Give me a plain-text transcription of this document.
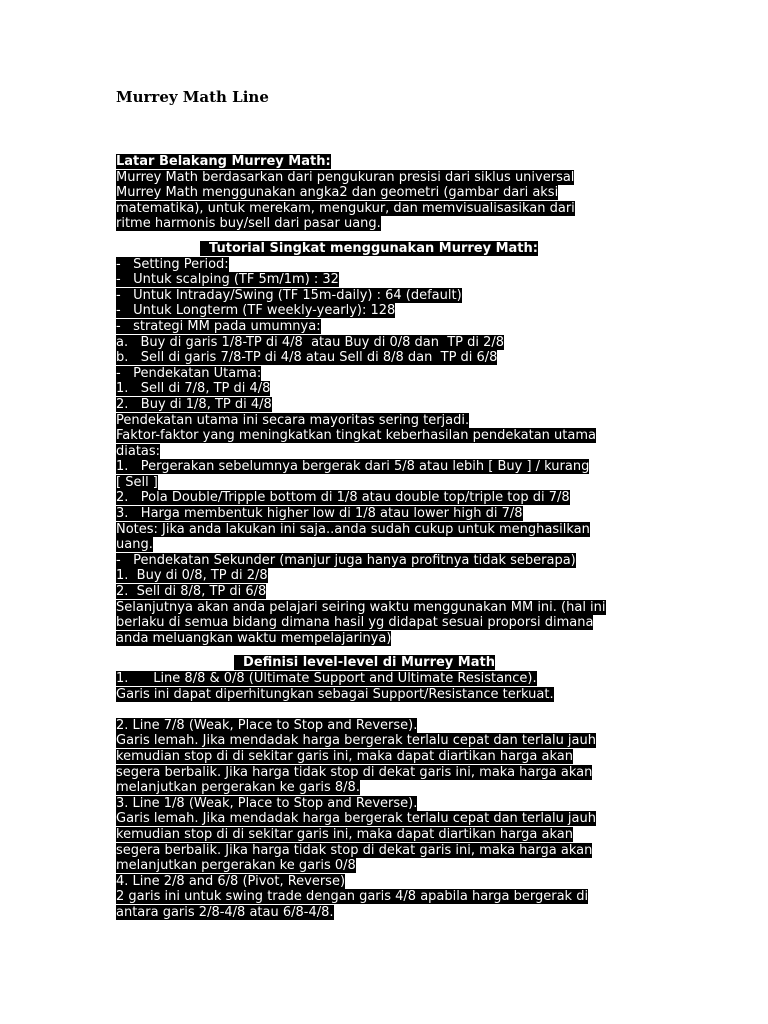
Murrey Math Line
Latar Belakang Murrey Math:
Murrey Math berdasarkan dari pengukuran presisi dari siklus universal
Murrey Math menggunakan angka2 dan geometri (gambar dari aksi
matematika), untuk merekam, mengukur, dan memvisualisasikan dari
ritme harmonis buy/sell dari pasar uang.
Tutorial Singkat menggunakan Murrey Math:
-   Setting Period:
-   Untuk scalping (TF 5m/1m) : 32
-   Untuk Intraday/Swing (TF 15m-daily) : 64 (default)
-   Untuk Longterm (TF weekly-yearly): 128
-   strategi MM pada umumnya:
a.   Buy di garis 1/8-TP di 4/8  atau Buy di 0/8 dan  TP di 2/8
b.   Sell di garis 7/8-TP di 4/8 atau Sell di 8/8 dan  TP di 6/8
-   Pendekatan Utama:
1.   Sell di 7/8, TP di 4/8
2.   Buy di 1/8, TP di 4/8
Pendekatan utama ini secara mayoritas sering terjadi.
Faktor-faktor yang meningkatkan tingkat keberhasilan pendekatan utama
diatas:
1.   Pergerakan sebelumnya bergerak dari 5/8 atau lebih [ Buy ] / kurang
[ Sell ]
2.   Pola Double/Tripple bottom di 1/8 atau double top/triple top di 7/8
3.   Harga membentuk higher low di 1/8 atau lower high di 7/8
Notes: Jika anda lakukan ini saja..anda sudah cukup untuk menghasilkan
uang.
-   Pendekatan Sekunder (manjur juga hanya profitnya tidak seberapa)
1.  Buy di 0/8, TP di 2/8
2.  Sell di 8/8, TP di 6/8
Selanjutnya akan anda pelajari seiring waktu menggunakan MM ini. (hal ini
berlaku di semua bidang dimana hasil yg didapat sesuai proporsi dimana
anda meluangkan waktu mempelajarinya)
Definisi level-level di Murrey Math
1.      Line 8/8 & 0/8 (Ultimate Support and Ultimate Resistance).
Garis ini dapat diperhitungkan sebagai Support/Resistance terkuat.
2. Line 7/8 (Weak, Place to Stop and Reverse).
Garis lemah. Jika mendadak harga bergerak terlalu cepat dan terlalu jauh
kemudian stop di di sekitar garis ini, maka dapat diartikan harga akan
segera berbalik. Jika harga tidak stop di dekat garis ini, maka harga akan
melanjutkan pergerakan ke garis 8/8.
3. Line 1/8 (Weak, Place to Stop and Reverse).
Garis lemah. Jika mendadak harga bergerak terlalu cepat dan terlalu jauh
kemudian stop di di sekitar garis ini, maka dapat diartikan harga akan
segera berbalik. Jika harga tidak stop di dekat garis ini, maka harga akan
melanjutkan pergerakan ke garis 0/8
4. Line 2/8 and 6/8 (Pivot, Reverse)
2 garis ini untuk swing trade dengan garis 4/8 apabila harga bergerak di
antara garis 2/8-4/8 atau 6/8-4/8.
